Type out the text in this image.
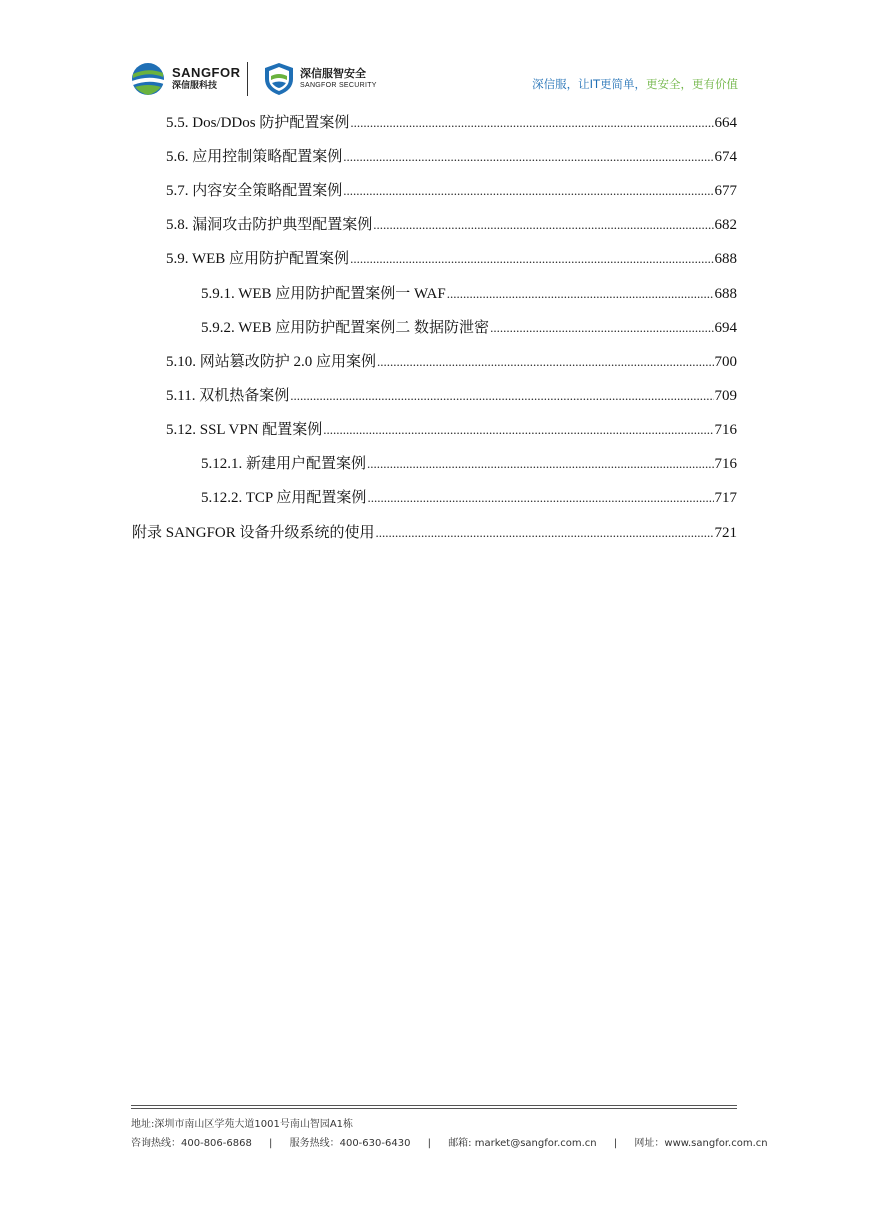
SANGFOR
深信服科技
深信服智安全
SANGFOR SECURITY	深信服，让IT更简单，更安全，更有价值
5.5. Dos/DDos 防护配置案例 .....	664
5.6. 应用控制策略配置案例 .....	674
5.7. 内容安全策略配置案例 .....	677
5.8. 漏洞攻击防护典型配置案例 .....	682
5.9. WEB 应用防护配置案例 .....	688
5.9.1. WEB 应用防护配置案例一 WAF .....	688
5.9.2. WEB 应用防护配置案例二 数据防泄密 .....	694
5.10. 网站篡改防护 2.0 应用案例 .....	700
5.11. 双机热备案例 .....	709
5.12. SSL VPN 配置案例 .....	716
5.12.1. 新建用户配置案例 .....	716
5.12.2. TCP 应用配置案例 .....	717
附录 SANGFOR 设备升级系统的使用 .....	721
地址:深圳市南山区学苑大道1001号南山智园A1栋
咨询热线：400-806-6868 | 服务热线：400-630-6430 | 邮箱: market@sangfor.com.cn | 网址：www.sangfor.com.cn
